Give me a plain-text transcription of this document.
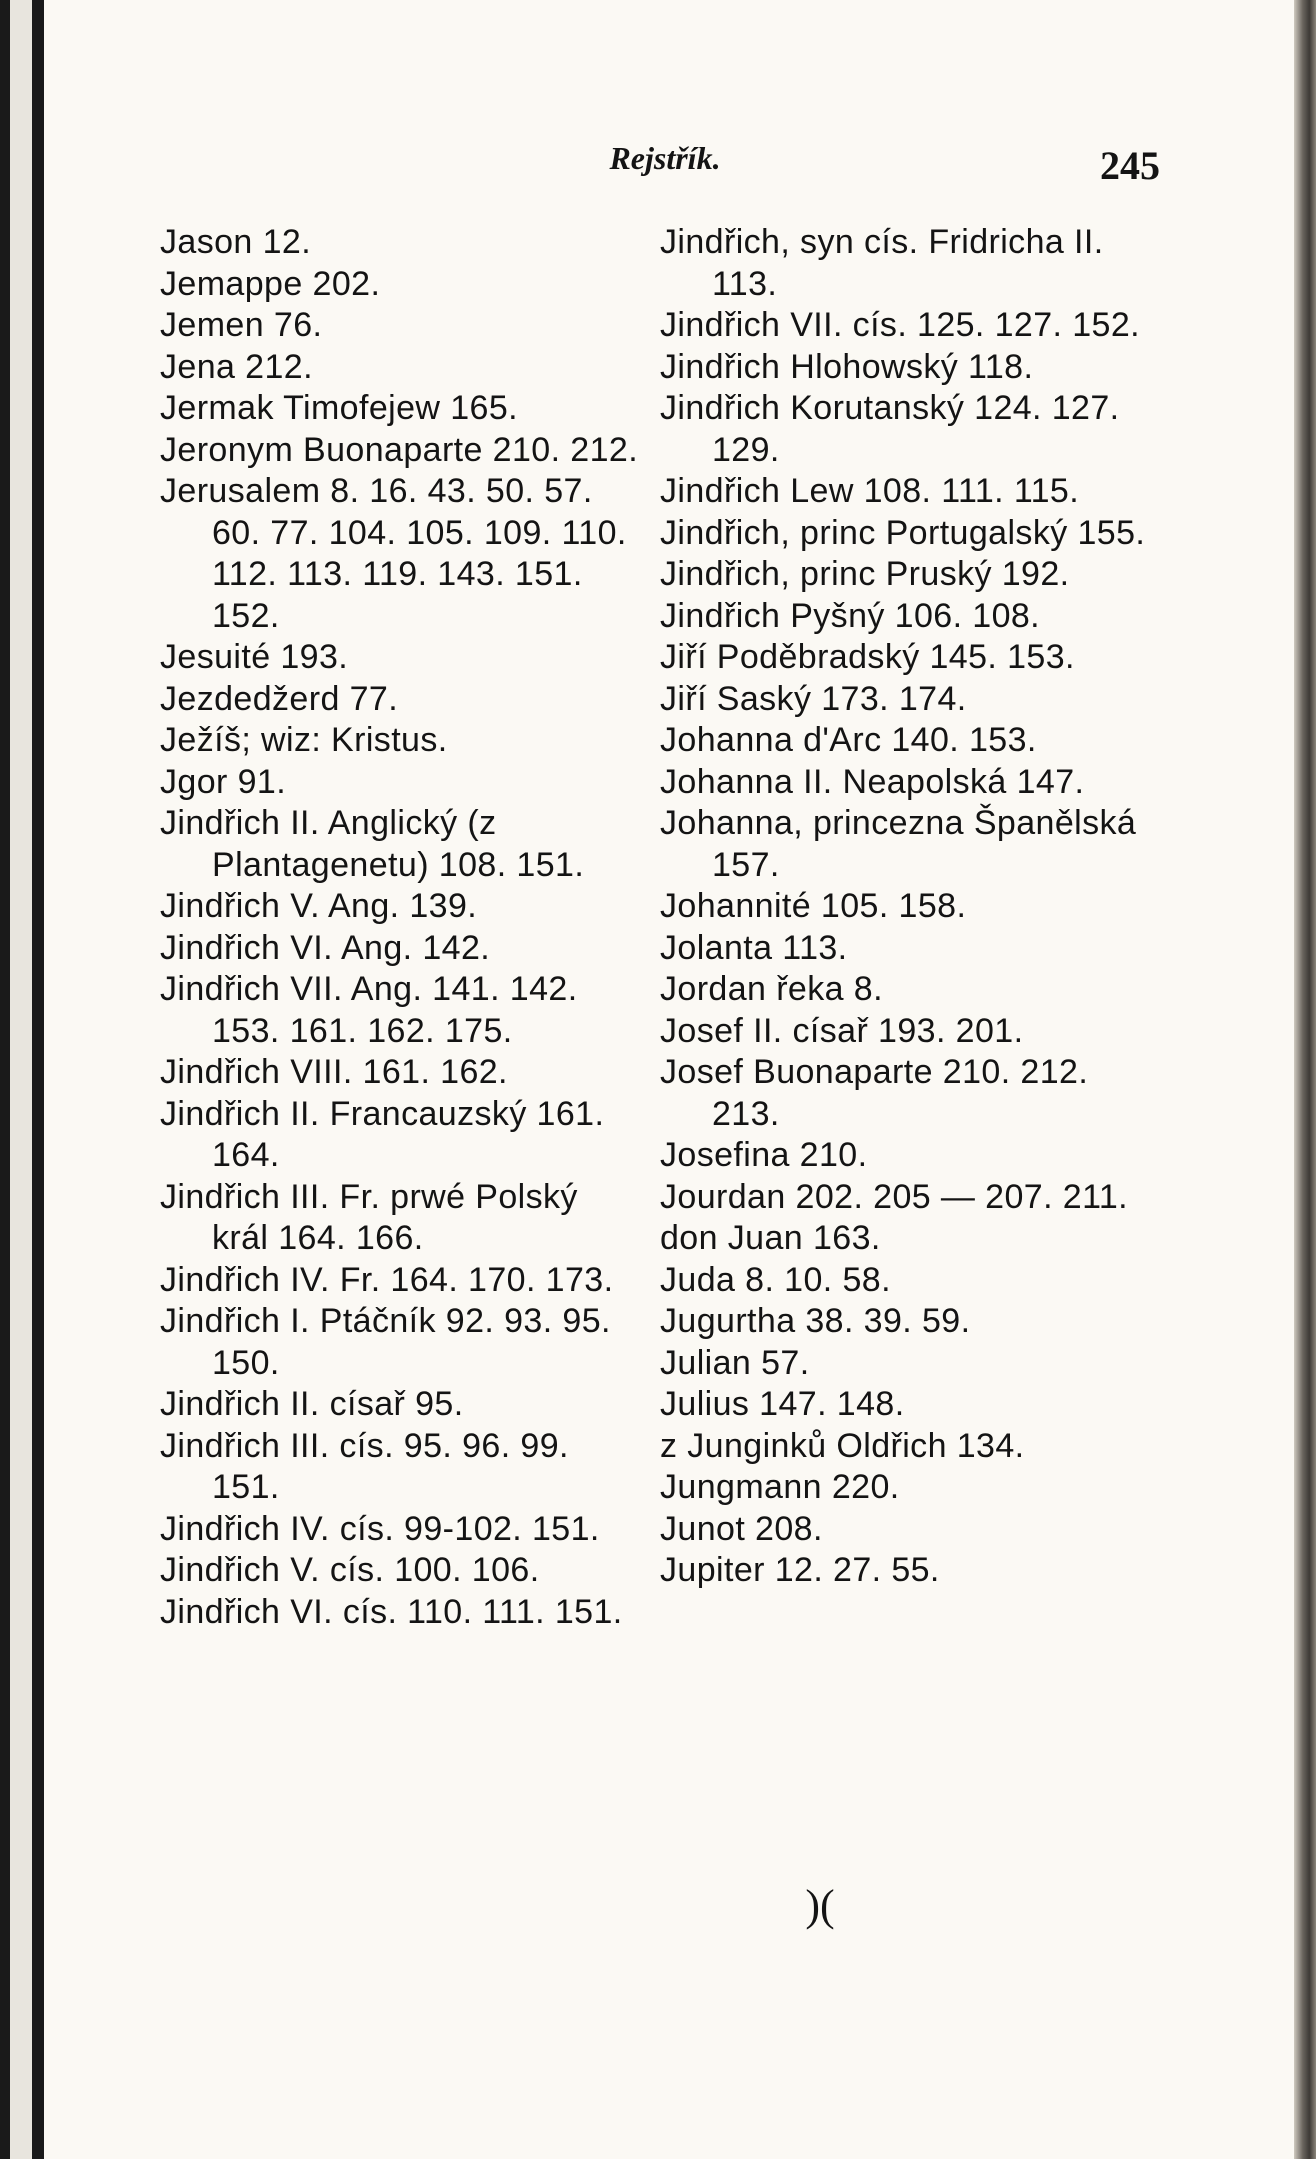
Rejstřík.	245

Jason 12.

Jemappe 202.

Jemen 76.

Jena 212.

Jermak Timofejew 165.

Jeronym Buonaparte 210. 212.

Jerusalem 8. 16. 43. 50. 57. 60. 77. 104. 105. 109. 110. 112. 113. 119. 143. 151. 152.

Jesuité 193.

Jezdedžerd 77.

Ježíš; wiz: Kristus.

Jgor 91.

Jindřich II. Anglický (z Plantagenetu) 108. 151.

Jindřich V. Ang. 139.

Jindřich VI. Ang. 142.

Jindřich VII. Ang. 141. 142. 153. 161. 162. 175.

Jindřich VIII. 161. 162.

Jindřich II. Francauzský 161. 164.

Jindřich III. Fr. prwé Polský král 164. 166.

Jindřich IV. Fr. 164. 170. 173.

Jindřich I. Ptáčník 92. 93. 95. 150.

Jindřich II. císař 95.

Jindřich III. cís. 95. 96. 99. 151.

Jindřich IV. cís. 99-102. 151.

Jindřich V. cís. 100. 106.

Jindřich VI. cís. 110. 111. 151.

Jindřich, syn cís. Fridricha II. 113.

Jindřich VII. cís. 125. 127. 152.

Jindřich Hlohowský 118.

Jindřich Korutanský 124. 127. 129.

Jindřich Lew 108. 111. 115.

Jindřich, princ Portugalský 155.

Jindřich, princ Pruský 192.

Jindřich Pyšný 106. 108.

Jiří Poděbradský 145. 153.

Jiří Saský 173. 174.

Johanna d'Arc 140. 153.

Johanna II. Neapolská 147.

Johanna, princezna Španělská 157.

Johannité 105. 158.

Jolanta 113.

Jordan řeka 8.

Josef II. císař 193. 201.

Josef Buonaparte 210. 212. 213.

Josefina 210.

Jourdan 202. 205 — 207. 211.

don Juan 163.

Juda 8. 10. 58.

Jugurtha 38. 39. 59.

Julian 57.

Julius 147. 148.

z Junginků Oldřich 134.

Jungmann 220.

Junot 208.

Jupiter 12. 27. 55.

)(
